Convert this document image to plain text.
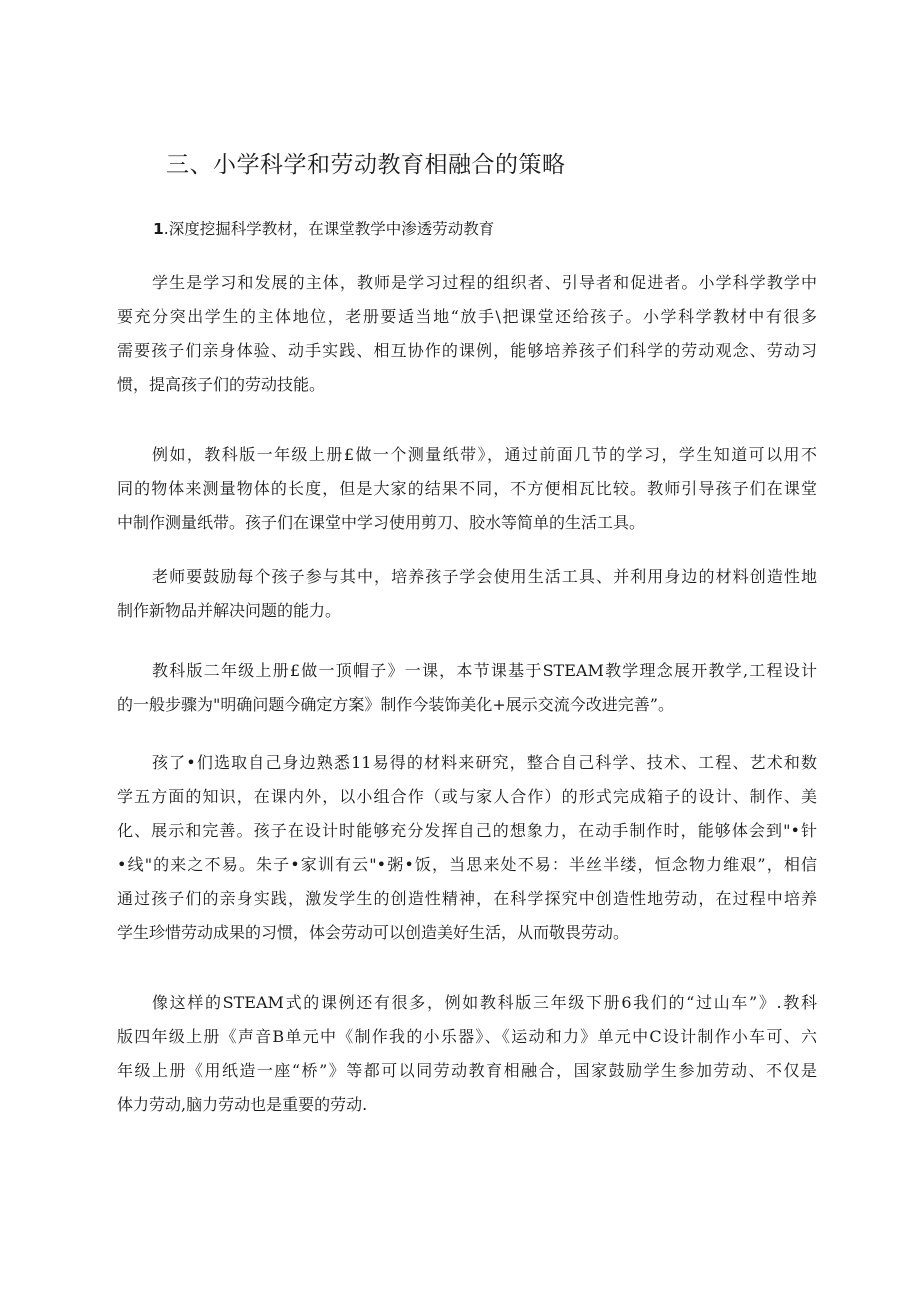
三、小学科学和劳动教育相融合的策略
1.深度挖掘科学教材，在课堂教学中渗透劳动教育
学生是学习和发展的主体，教师是学习过程的组织者、引导者和促进者。小学科学教学中
要充分突出学生的主体地位，老册要适当地“放手\把课堂还给孩子。小学科学教材中有很多
需要孩子们亲身体验、动手实践、相互协作的课例，能够培养孩子们科学的劳动观念、劳动习
惯，提高孩子们的劳动技能。
例如，教科版一年级上册£做一个测量纸带》，通过前面几节的学习，学生知道可以用不
同的物体来测量物体的长度，但是大家的结果不同，不方便相瓦比较。教师引导孩子们在课堂
中制作测量纸带。孩子们在课堂中学习使用剪刀、胶水等简单的生活工具。
老师要鼓励每个孩子参与其中，培养孩子学会使用生活工具、并利用身边的材料创造性地
制作新物品并解决问题的能力。
教科版二年级上册£做一顶帽子》一课，本节课基于STEAM教学理念展开教学,工程设计
的一般步骤为"明确问题今确定方案》制作今装饰美化+展示交流今改进完善”。
孩了•们选取自己身边熟悉11易得的材料来研究，整合自己科学、技术、工程、艺术和数
学五方面的知识，在课内外，以小组合作（或与家人合作）的形式完成箱子的设计、制作、美
化、展示和完善。孩子在设计时能够充分发挥自己的想象力，在动手制作时，能够体会到"•针
•线"的来之不易。朱子•家训有云"•粥•饭，当思来处不易：半丝半缕，恒念物力维艰”，相信
通过孩子们的亲身实践，激发学生的创造性精神，在科学探究中创造性地劳动，在过程中培养
学生珍惜劳动成果的习惯，体会劳动可以创造美好生活，从而敬畏劳动。
像这样的STEAM式的课例还有很多，例如教科版三年级下册6我们的“过山车”》.教科
版四年级上册《声音B单元中《制作我的小乐器》、《运动和力》单元中C设计制作小车可、六
年级上册《用纸造一座“桥”》等都可以同劳动教育相融合，国家鼓励学生参加劳动、不仅是
体力劳动,脑力劳动也是重要的劳动.
